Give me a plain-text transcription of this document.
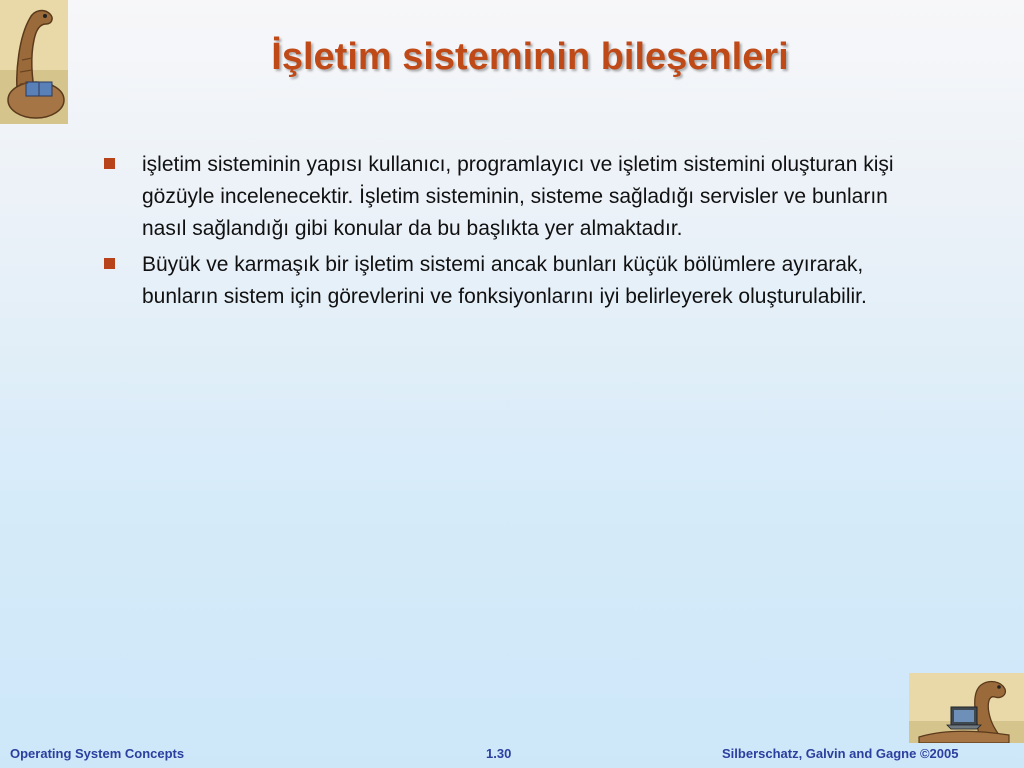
İşletim sisteminin bileşenleri
işletim sisteminin yapısı kullanıcı, programlayıcı ve işletim sistemini oluşturan kişi gözüyle incelenecektir. İşletim sisteminin, sisteme sağladığı servisler ve bunların nasıl sağlandığı gibi konular da bu başlıkta yer almaktadır.
Büyük ve karmaşık bir işletim sistemi ancak bunları küçük bölümlere ayırarak, bunların sistem için görevlerini ve fonksiyonlarını iyi belirleyerek oluşturulabilir.
Operating System Concepts	1.30	Silberschatz, Galvin and Gagne ©2005
